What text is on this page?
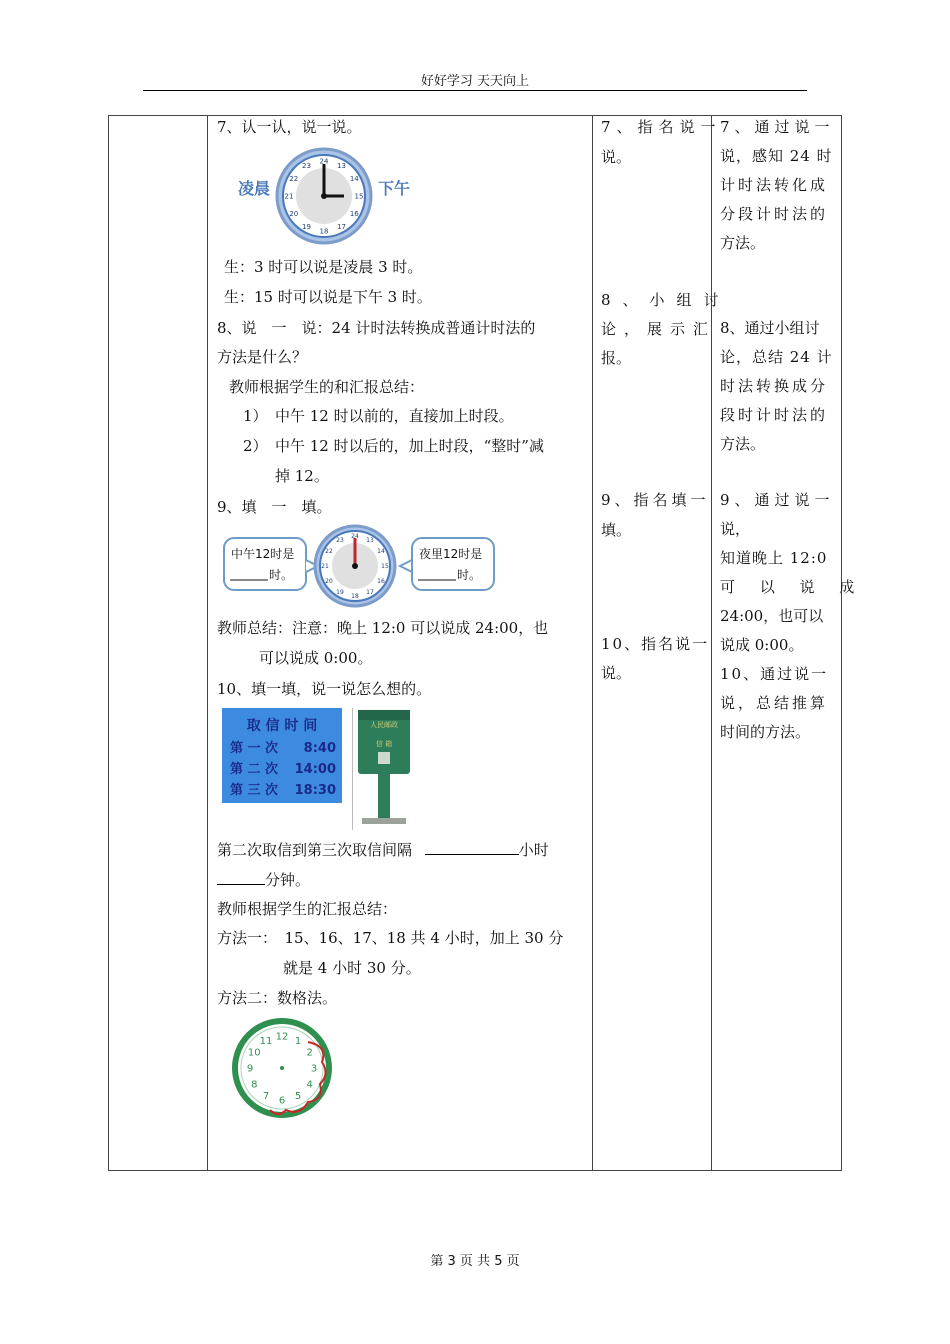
好好学习 天天向上
7、认一认，说一说。
凌晨	下午
24
13
14
15
16
17
18
19
20
21
22
23
生：3 时可以说是凌晨 3 时。
生：15 时可以说是下午 3 时。
8、说　一　说：24 计时法转换成普通计时法的
方法是什么？
教师根据学生的和汇报总结：
1） 中午 12 时以前的，直接加上时段。
2） 中午 12 时以后的，加上时段，“整时”减
掉 12。
9、填　一　填。
中午12时是
时。
24
13
14
15
16
17
18
19
20
21
22
23
夜里12时是
时。
教师总结：注意：晚上 12:0 可以说成 24:00，也
可以说成 0:00。
10、填一填，说一说怎么想的。
取 信 时 间
第 一 次 8:40
第 二 次 14:00
第 三 次 18:30
人民邮政
信 箱
第二次取信到第三次取信间隔	小时
分钟。
教师根据学生的汇报总结：
方法一：　15、16、17、18 共 4 小时，加上 30 分
就是 4 小时 30 分。
方法二：数格法。
12 1
2
3
4
5
6
7
8
9
10
11
7、指名说一
说。
8、小组讨
论，展示汇
报。
9、指名填一
填。
10、指名说一
说。
7、通过说一
说，感知 24 时
计时法转化成
分段计时法的
方法。
8、通过小组讨
论，总结 24 计
时法转换成分
段时计时法的
方法。
9、通过说一
说，
知道晚上 12:0
可 以 说 成
24:00，也可以
说成 0:00。
10、通过说一
说，总结推算
时间的方法。
第 3 页 共 5 页
